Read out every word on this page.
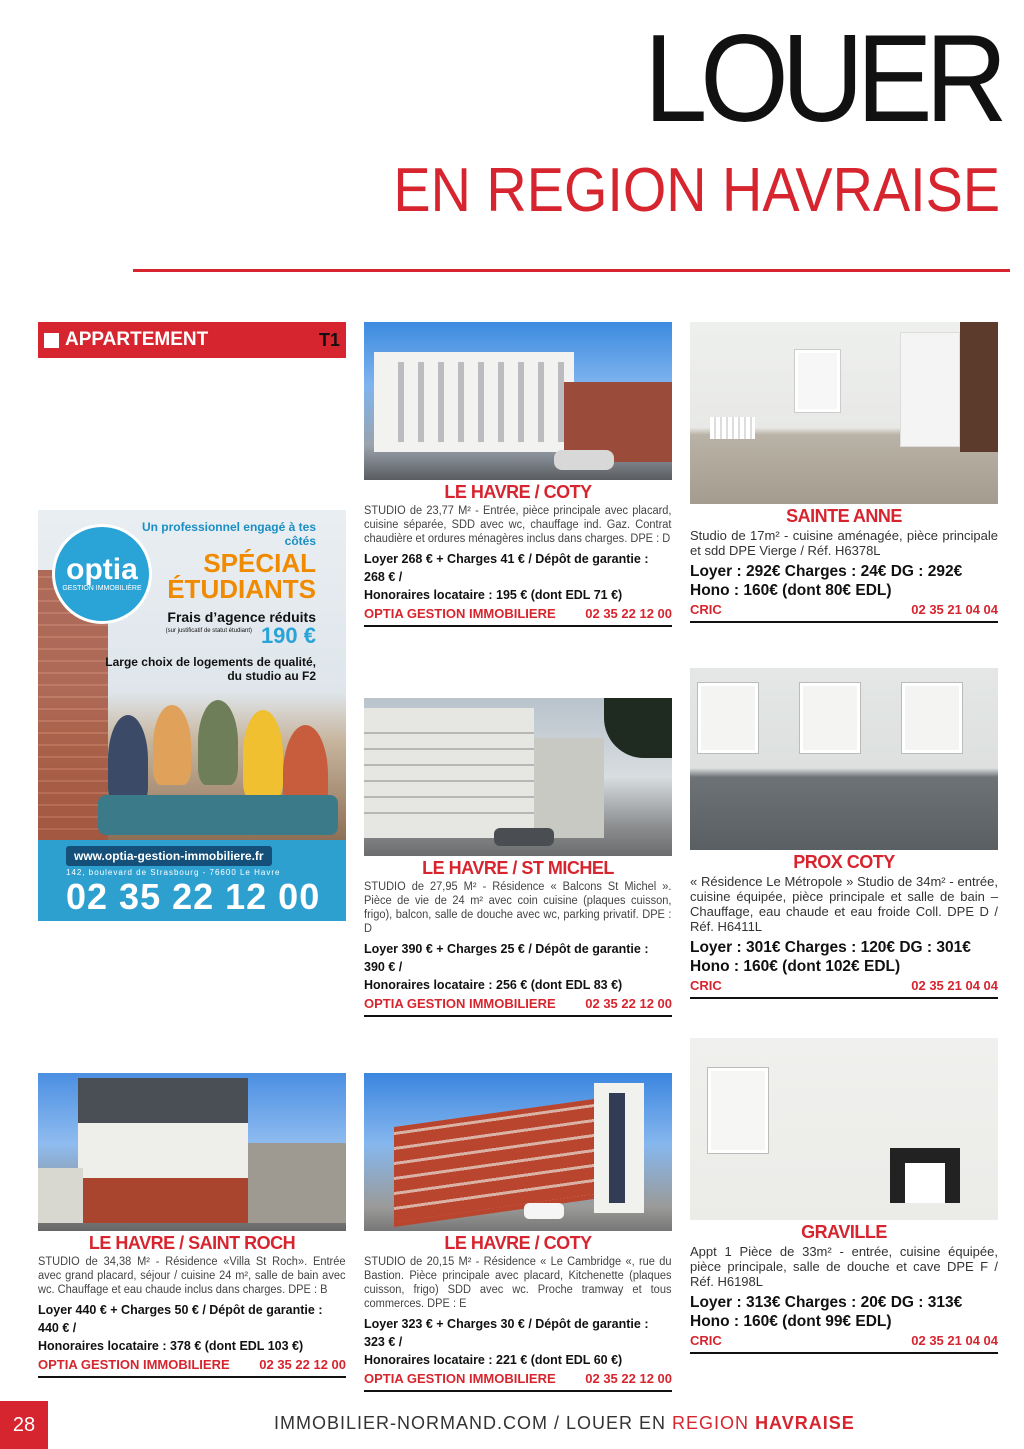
LOUER
EN REGION HAVRAISE
APPARTEMENT	T1
optia
GESTION IMMOBILIÈRE
Un professionnel engagé à tes côtés
SPÉCIAL ÉTUDIANTS
Frais d’agence réduits
(sur justificatif de statut étudiant) 190 €
Large choix de logements de qualité, du studio au F2
www.optia-gestion-immobiliere.fr
142, boulevard de Strasbourg - 76600 Le Havre
02 35 22 12 00
LE HAVRE / COTY
STUDIO de 23,77 M² - Entrée, pièce principale avec placard, cuisine séparée, SDD avec wc, chauffage ind. Gaz. Contrat chaudière et ordures ménagères inclus dans charges. DPE : D
Loyer 268 € + Charges 41 € / Dépôt de garantie : 268 € /
Honoraires locataire : 195 € (dont EDL 71 €)
OPTIA GESTION IMMOBILIERE 02 35 22 12 00
SAINTE ANNE
Studio de 17m² - cuisine aménagée, pièce principale et sdd DPE Vierge / Réf. H6378L
Loyer : 292€ Charges : 24€ DG : 292€
Hono : 160€ (dont 80€ EDL)
CRIC	02 35 21 04 04
LE HAVRE / ST MICHEL
STUDIO de 27,95 M² - Résidence « Balcons St Michel ». Pièce de vie de 24 m² avec coin cuisine (plaques cuisson, frigo), balcon, salle de douche avec wc, parking privatif. DPE : D
Loyer 390 € + Charges 25 € / Dépôt de garantie : 390 € /
Honoraires locataire : 256 € (dont EDL 83 €)
OPTIA GESTION IMMOBILIERE 02 35 22 12 00
PROX COTY
« Résidence Le Métropole » Studio de 34m² - entrée, cuisine équipée, pièce principale et salle de bain – Chauffage, eau chaude et eau froide Coll. DPE D / Réf. H6411L
Loyer : 301€ Charges : 120€ DG : 301€
Hono : 160€ (dont 102€ EDL)
CRIC	02 35 21 04 04
LE HAVRE / SAINT ROCH
STUDIO de 34,38 M² - Résidence «Villa St Roch». Entrée avec grand placard, séjour / cuisine 24 m², salle de bain avec wc. Chauffage et eau chaude inclus dans charges. DPE : B
Loyer 440 € + Charges 50 € / Dépôt de garantie : 440 € /
Honoraires locataire : 378 € (dont EDL 103 €)
OPTIA GESTION IMMOBILIERE 02 35 22 12 00
LE HAVRE / COTY
STUDIO de 20,15 M² - Résidence « Le Cambridge «, rue du Bastion. Pièce principale avec placard, Kitchenette (plaques cuisson, frigo) SDD avec wc. Proche tramway et tous commerces. DPE : E
Loyer 323 € + Charges 30 € / Dépôt de garantie : 323 € /
Honoraires locataire : 221 € (dont EDL 60 €)
OPTIA GESTION IMMOBILIERE 02 35 22 12 00
GRAVILLE
Appt 1 Pièce de 33m² - entrée, cuisine équipée, pièce principale, salle de douche et cave DPE F / Réf. H6198L
Loyer : 313€ Charges : 20€ DG : 313€
Hono : 160€ (dont 99€ EDL)
CRIC	02 35 21 04 04
28	IMMOBILIER-NORMAND.COM / LOUER EN REGION HAVRAISE
